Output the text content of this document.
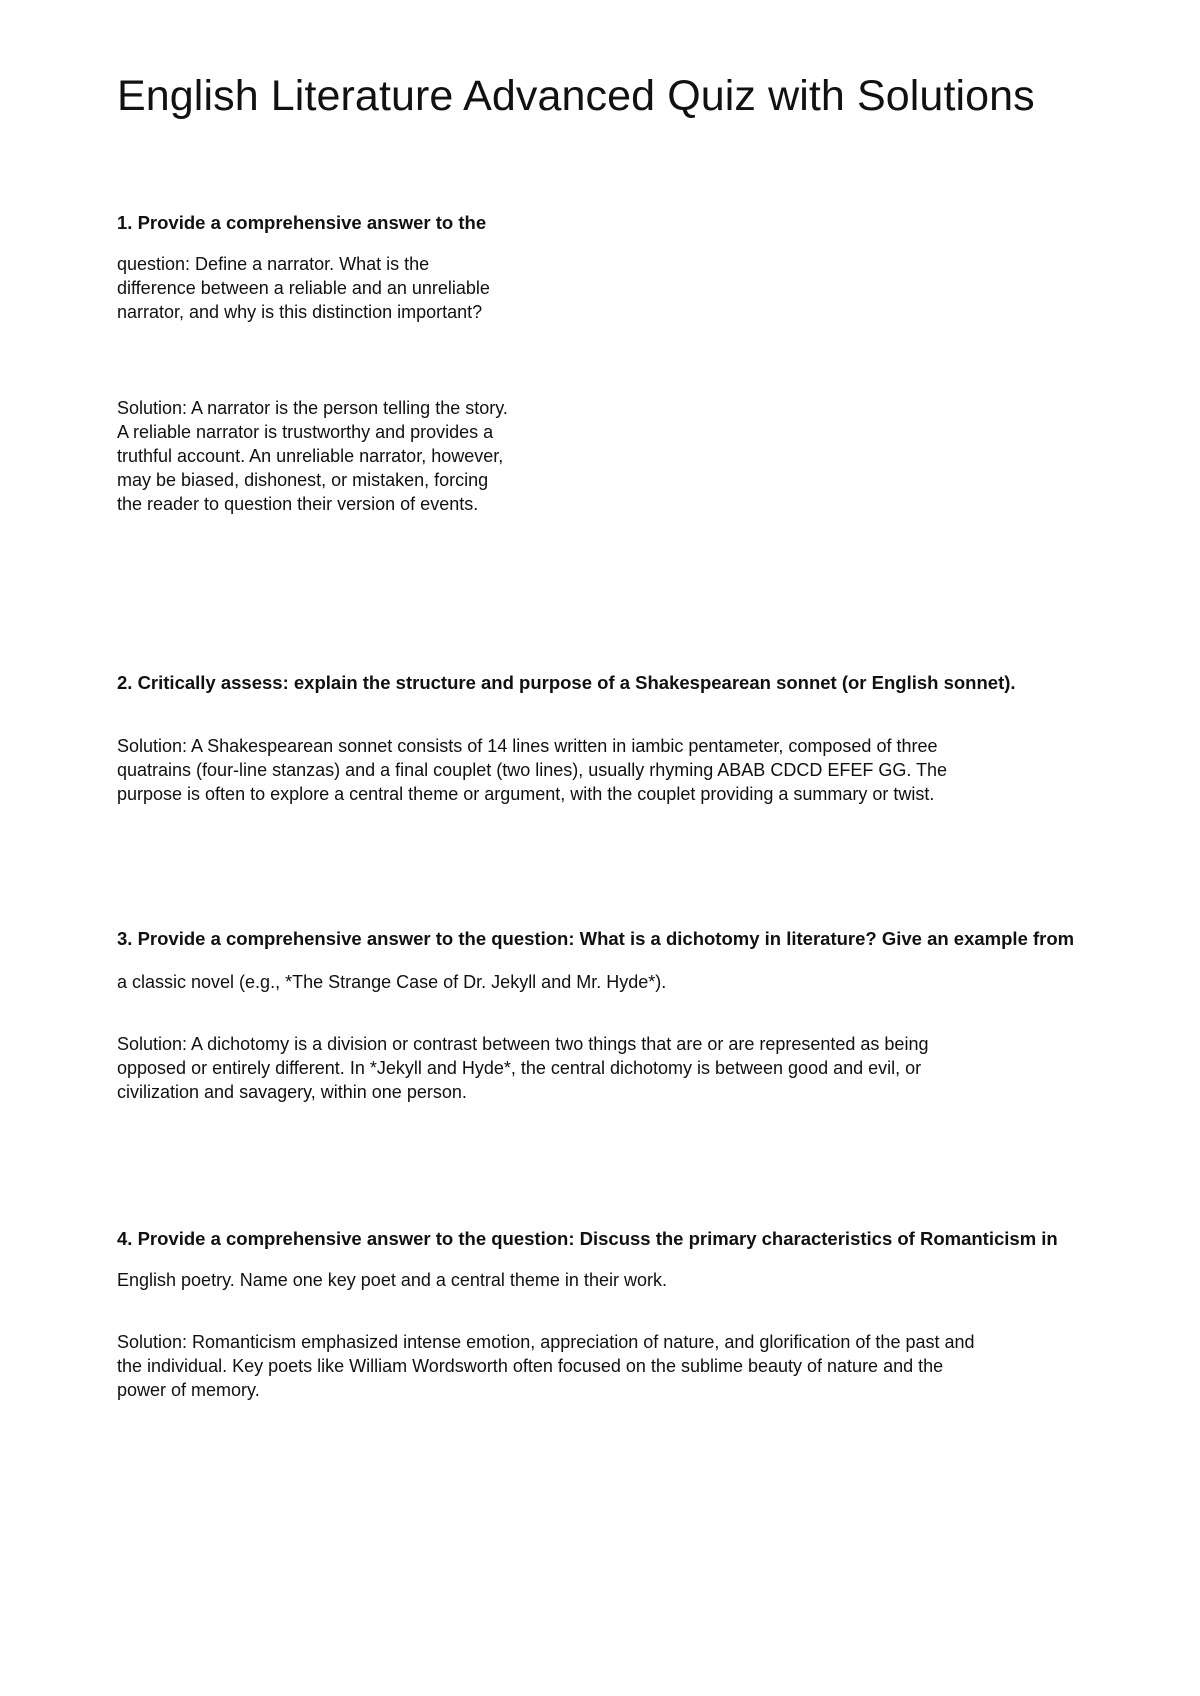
English Literature Advanced Quiz with Solutions
1. Provide a comprehensive answer to the
question: Define a narrator. What is the
difference between a reliable and an unreliable
narrator, and why is this distinction important?
Solution: A narrator is the person telling the story.
A reliable narrator is trustworthy and provides a
truthful account. An unreliable narrator, however,
may be biased, dishonest, or mistaken, forcing
the reader to question their version of events.
2. Critically assess: explain the structure and purpose of a Shakespearean sonnet (or English sonnet).
Solution: A Shakespearean sonnet consists of 14 lines written in iambic pentameter, composed of three
quatrains (four-line stanzas) and a final couplet (two lines), usually rhyming ABAB CDCD EFEF GG. The
purpose is often to explore a central theme or argument, with the couplet providing a summary or twist.
3. Provide a comprehensive answer to the question: What is a dichotomy in literature? Give an example from
a classic novel (e.g., *The Strange Case of Dr. Jekyll and Mr. Hyde*).
Solution: A dichotomy is a division or contrast between two things that are or are represented as being
opposed or entirely different. In *Jekyll and Hyde*, the central dichotomy is between good and evil, or
civilization and savagery, within one person.
4. Provide a comprehensive answer to the question: Discuss the primary characteristics of Romanticism in
English poetry. Name one key poet and a central theme in their work.
Solution: Romanticism emphasized intense emotion, appreciation of nature, and glorification of the past and
the individual. Key poets like William Wordsworth often focused on the sublime beauty of nature and the
power of memory.
